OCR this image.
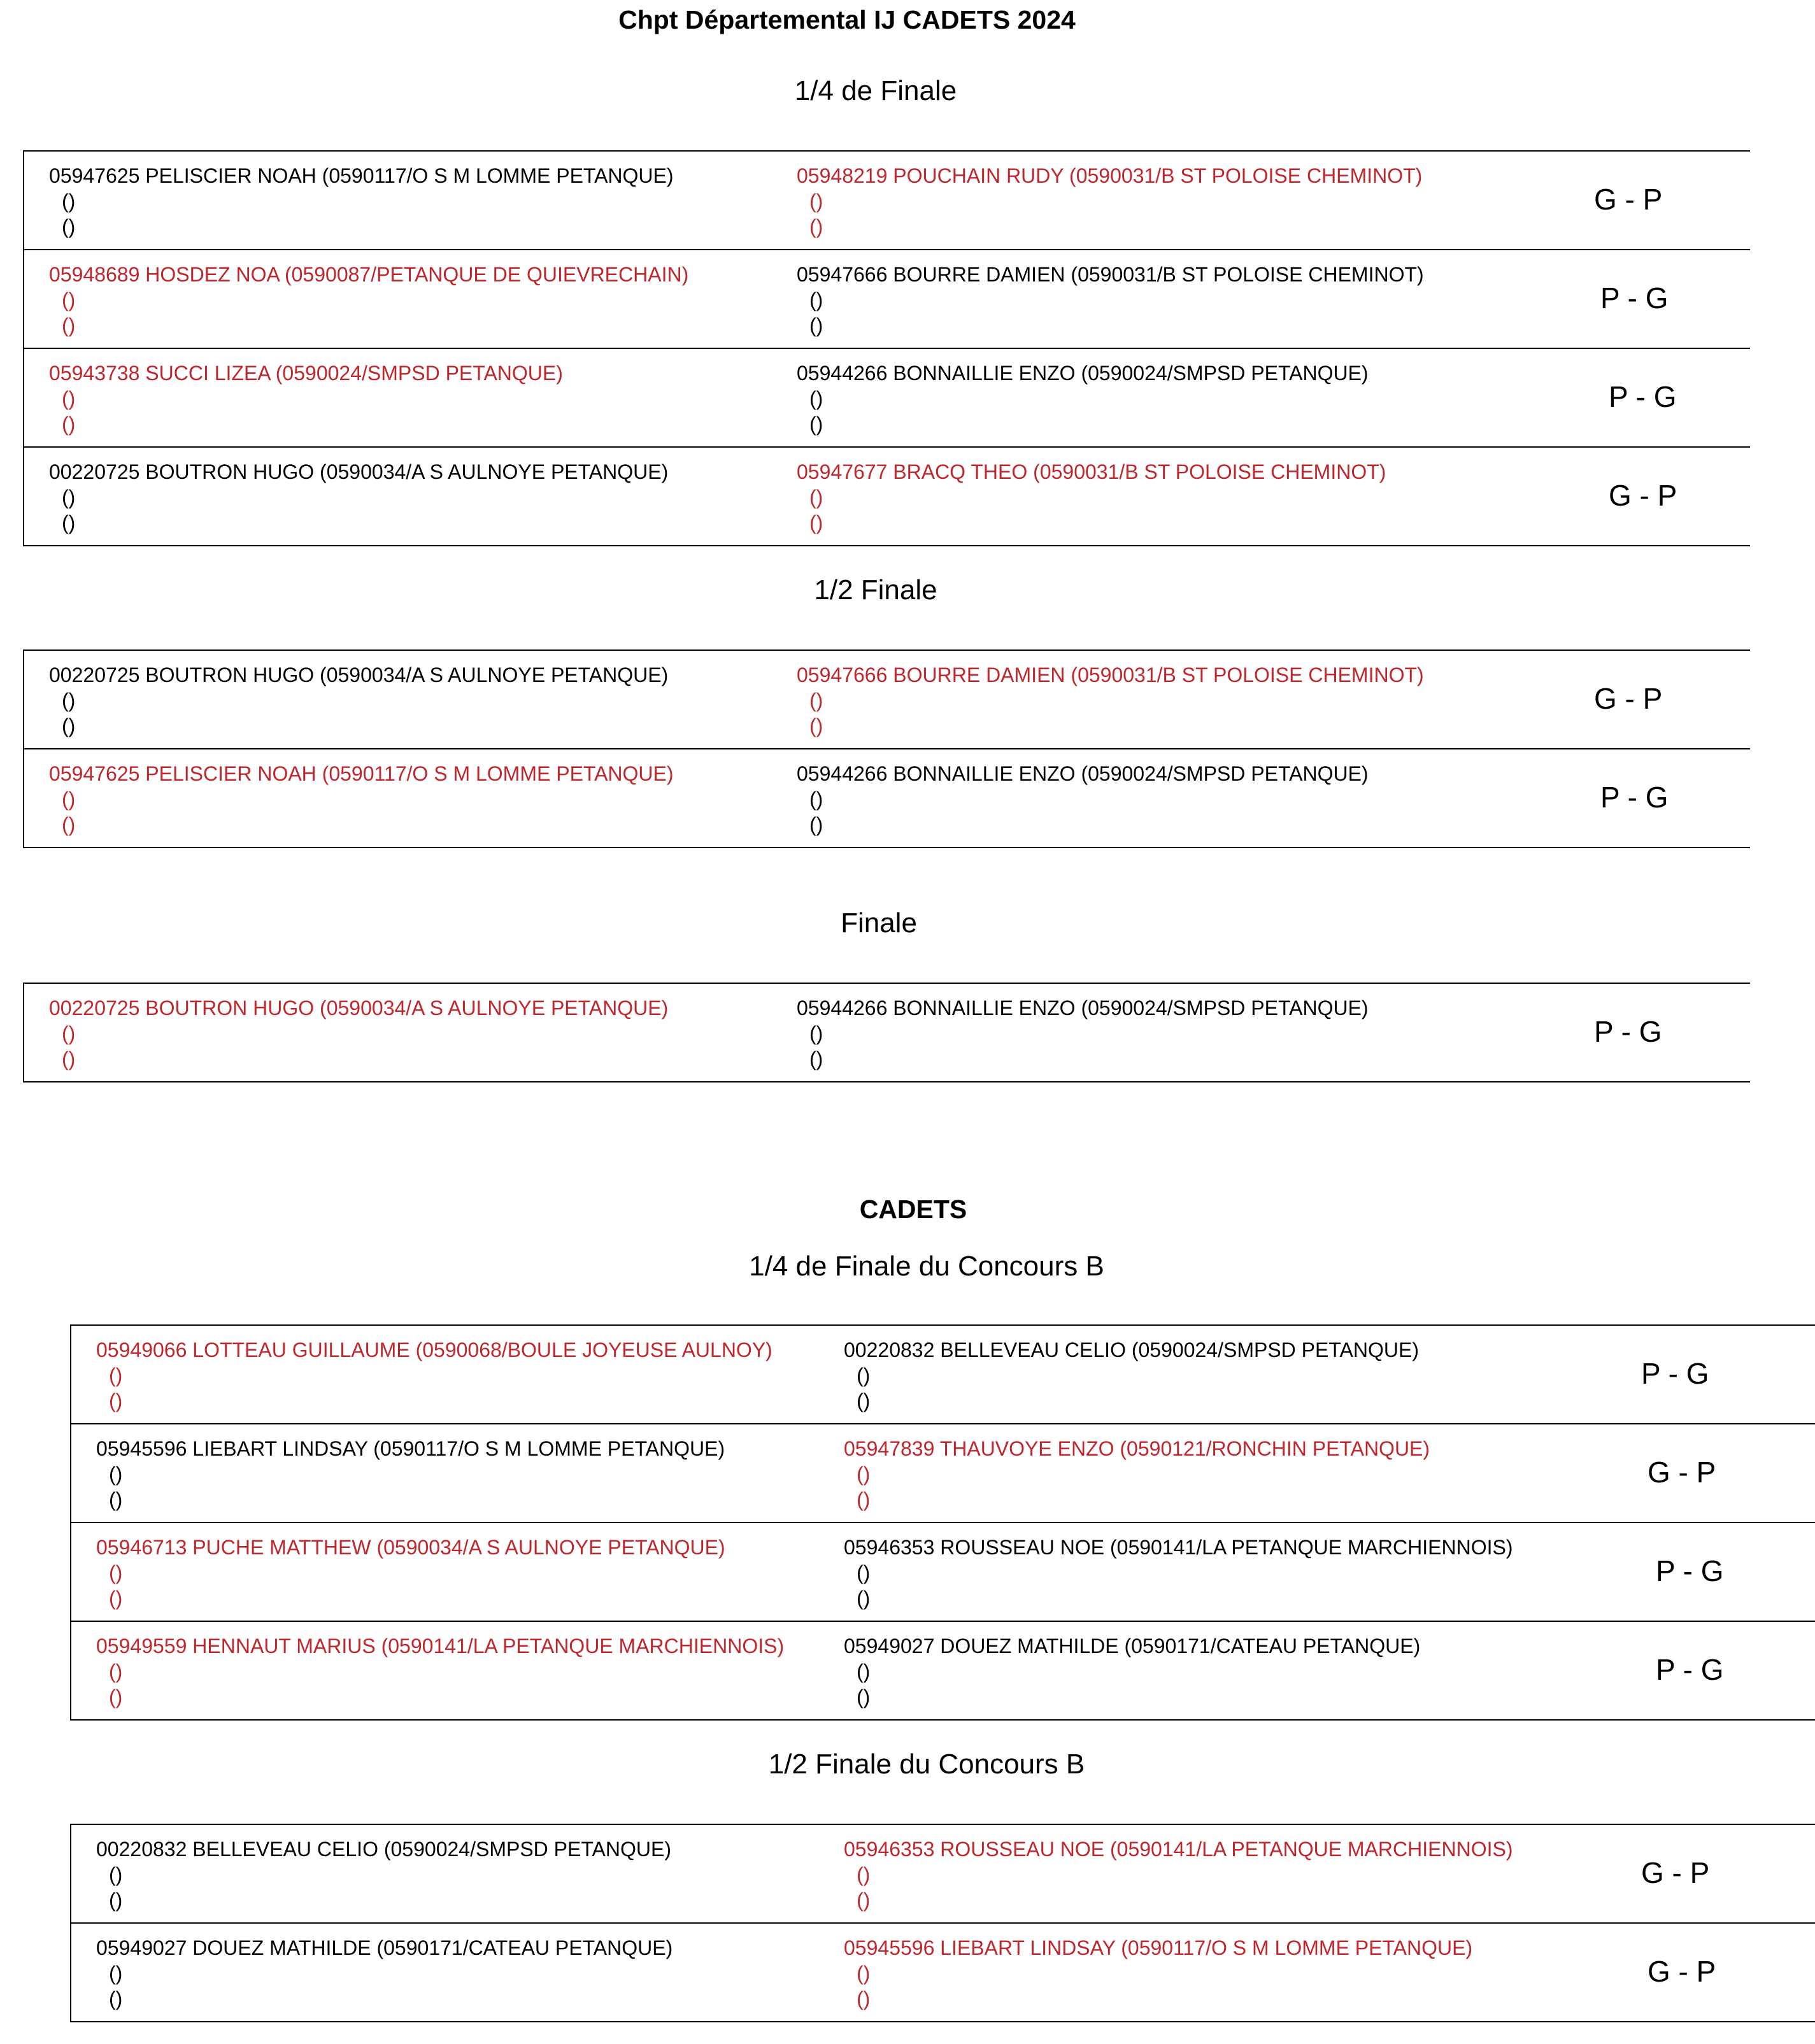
Chpt Départemental IJ CADETS 2024
1/4 de Finale
05947625 PELISCIER NOAH (0590117/O S M LOMME PETANQUE)
()
()
05948219 POUCHAIN RUDY (0590031/B ST POLOISE CHEMINOT)
()
()
G - P
05948689 HOSDEZ NOA (0590087/PETANQUE DE QUIEVRECHAIN)
()
()
05947666 BOURRE DAMIEN (0590031/B ST POLOISE CHEMINOT)
()
()
P - G
05943738 SUCCI LIZEA (0590024/SMPSD PETANQUE)
()
()
05944266 BONNAILLIE ENZO (0590024/SMPSD PETANQUE)
()
()
P - G
00220725 BOUTRON HUGO (0590034/A S AULNOYE PETANQUE)
()
()
05947677 BRACQ THEO (0590031/B ST POLOISE CHEMINOT)
()
()
G - P
1/2 Finale
00220725 BOUTRON HUGO (0590034/A S AULNOYE PETANQUE)
()
()
05947666 BOURRE DAMIEN (0590031/B ST POLOISE CHEMINOT)
()
()
G - P
05947625 PELISCIER NOAH (0590117/O S M LOMME PETANQUE)
()
()
05944266 BONNAILLIE ENZO (0590024/SMPSD PETANQUE)
()
()
P - G
Finale
00220725 BOUTRON HUGO (0590034/A S AULNOYE PETANQUE)
()
()
05944266 BONNAILLIE ENZO (0590024/SMPSD PETANQUE)
()
()
P - G
CADETS
1/4 de Finale du Concours B
05949066 LOTTEAU GUILLAUME (0590068/BOULE JOYEUSE AULNOY)
()
()
00220832 BELLEVEAU CELIO (0590024/SMPSD PETANQUE)
()
()
P - G
05945596 LIEBART LINDSAY (0590117/O S M LOMME PETANQUE)
()
()
05947839 THAUVOYE ENZO (0590121/RONCHIN PETANQUE)
()
()
G - P
05946713 PUCHE MATTHEW (0590034/A S AULNOYE PETANQUE)
()
()
05946353 ROUSSEAU NOE (0590141/LA PETANQUE MARCHIENNOIS)
()
()
P - G
05949559 HENNAUT MARIUS (0590141/LA PETANQUE MARCHIENNOIS)
()
()
05949027 DOUEZ MATHILDE (0590171/CATEAU PETANQUE)
()
()
P - G
1/2 Finale du Concours B
00220832 BELLEVEAU CELIO (0590024/SMPSD PETANQUE)
()
()
05946353 ROUSSEAU NOE (0590141/LA PETANQUE MARCHIENNOIS)
()
()
G - P
05949027 DOUEZ MATHILDE (0590171/CATEAU PETANQUE)
()
()
05945596 LIEBART LINDSAY (0590117/O S M LOMME PETANQUE)
()
()
G - P
